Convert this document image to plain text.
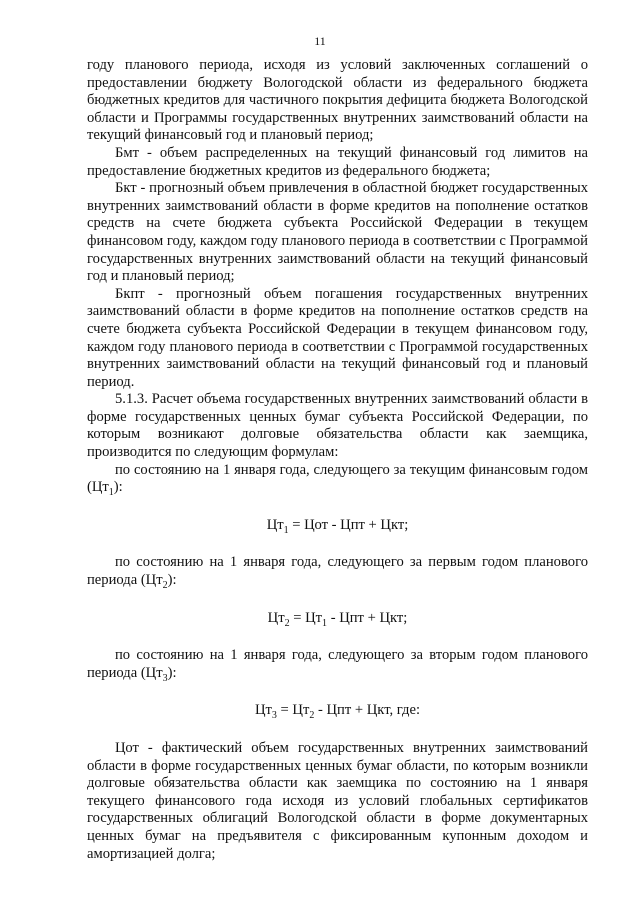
11

году планового периода, исходя из условий заключенных соглашений о предоставлении бюджету Вологодской области из федерального бюджета бюджетных кредитов для частичного покрытия дефицита бюджета Вологодской области и Программы государственных внутренних заимствований области на текущий финансовый год и плановый период;

Бмт - объем распределенных на текущий финансовый год лимитов на предоставление бюджетных кредитов из федерального бюджета;

Бкт - прогнозный объем привлечения в областной бюджет государственных внутренних заимствований области в форме кредитов на пополнение остатков средств на счете бюджета субъекта Российской Федерации в текущем финансовом году, каждом году планового периода в соответствии с Программой государственных внутренних заимствований области на текущий финансовый год и плановый период;

Бкпт - прогнозный объем погашения государственных внутренних заимствований области в форме кредитов на пополнение остатков средств на счете бюджета субъекта Российской Федерации в текущем финансовом году, каждом году планового периода в соответствии с Программой государственных внутренних заимствований области на текущий финансовый год и плановый период.

5.1.3. Расчет объема государственных внутренних заимствований области в форме государственных ценных бумаг субъекта Российской Федерации, по которым возникают долговые обязательства области как заемщика, производится по следующим формулам:

по состоянию на 1 января года, следующего за текущим финансовым годом $(Цт_1)$:

$Цт_1$ = Цот - Цпт + Цкт;

по состоянию на 1 января года, следующего за первым годом планового периода $(Цт_2)$:

$Цт_2 = Цт_1$ - Цпт + Цкт;

по состоянию на 1 января года, следующего за вторым годом планового периода $(Цт_3)$:

$Цт_3 = Цт_2$ - Цпт + Цкт, где:

Цот - фактический объем государственных внутренних заимствований области в форме государственных ценных бумаг области, по которым возникли долговые обязательства области как заемщика по состоянию на 1 января текущего финансового года исходя из условий глобальных сертификатов государственных облигаций Вологодской области в форме документарных ценных бумаг на предъявителя с фиксированным купонным доходом и амортизацией долга;
